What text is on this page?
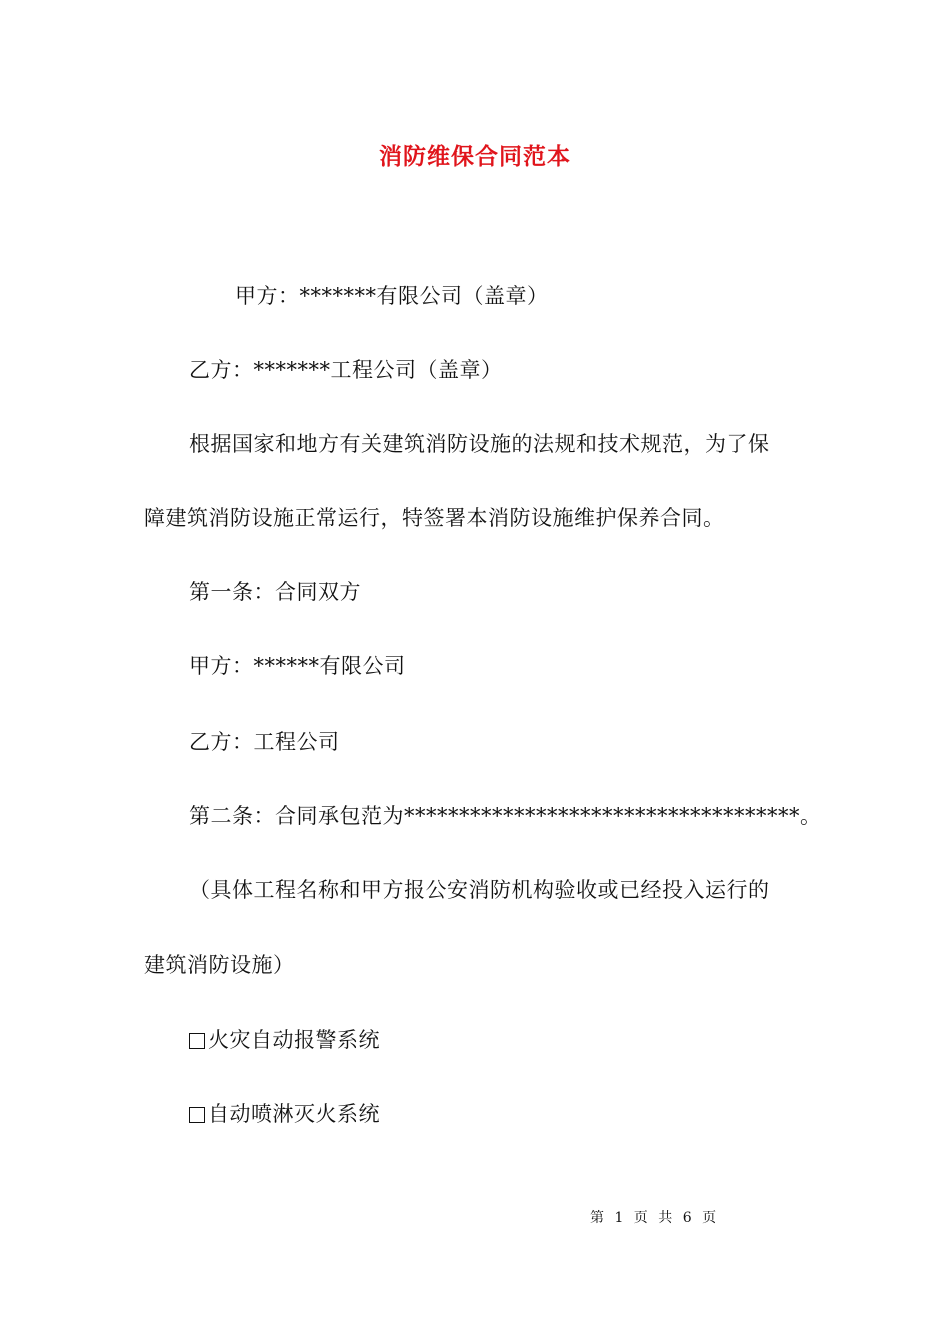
消防维保合同范本
甲方：*******有限公司（盖章）
乙方：*******工程公司（盖章）
根据国家和地方有关建筑消防设施的法规和技术规范，为了保
障建筑消防设施正常运行，特签署本消防设施维护保养合同。
第一条：合同双方
甲方：******有限公司
乙方：工程公司
第二条：合同承包范为************************************。
（具体工程名称和甲方报公安消防机构验收或已经投入运行的
建筑消防设施）
火灾自动报警系统
自动喷淋灭火系统
第 1 页 共 6 页
